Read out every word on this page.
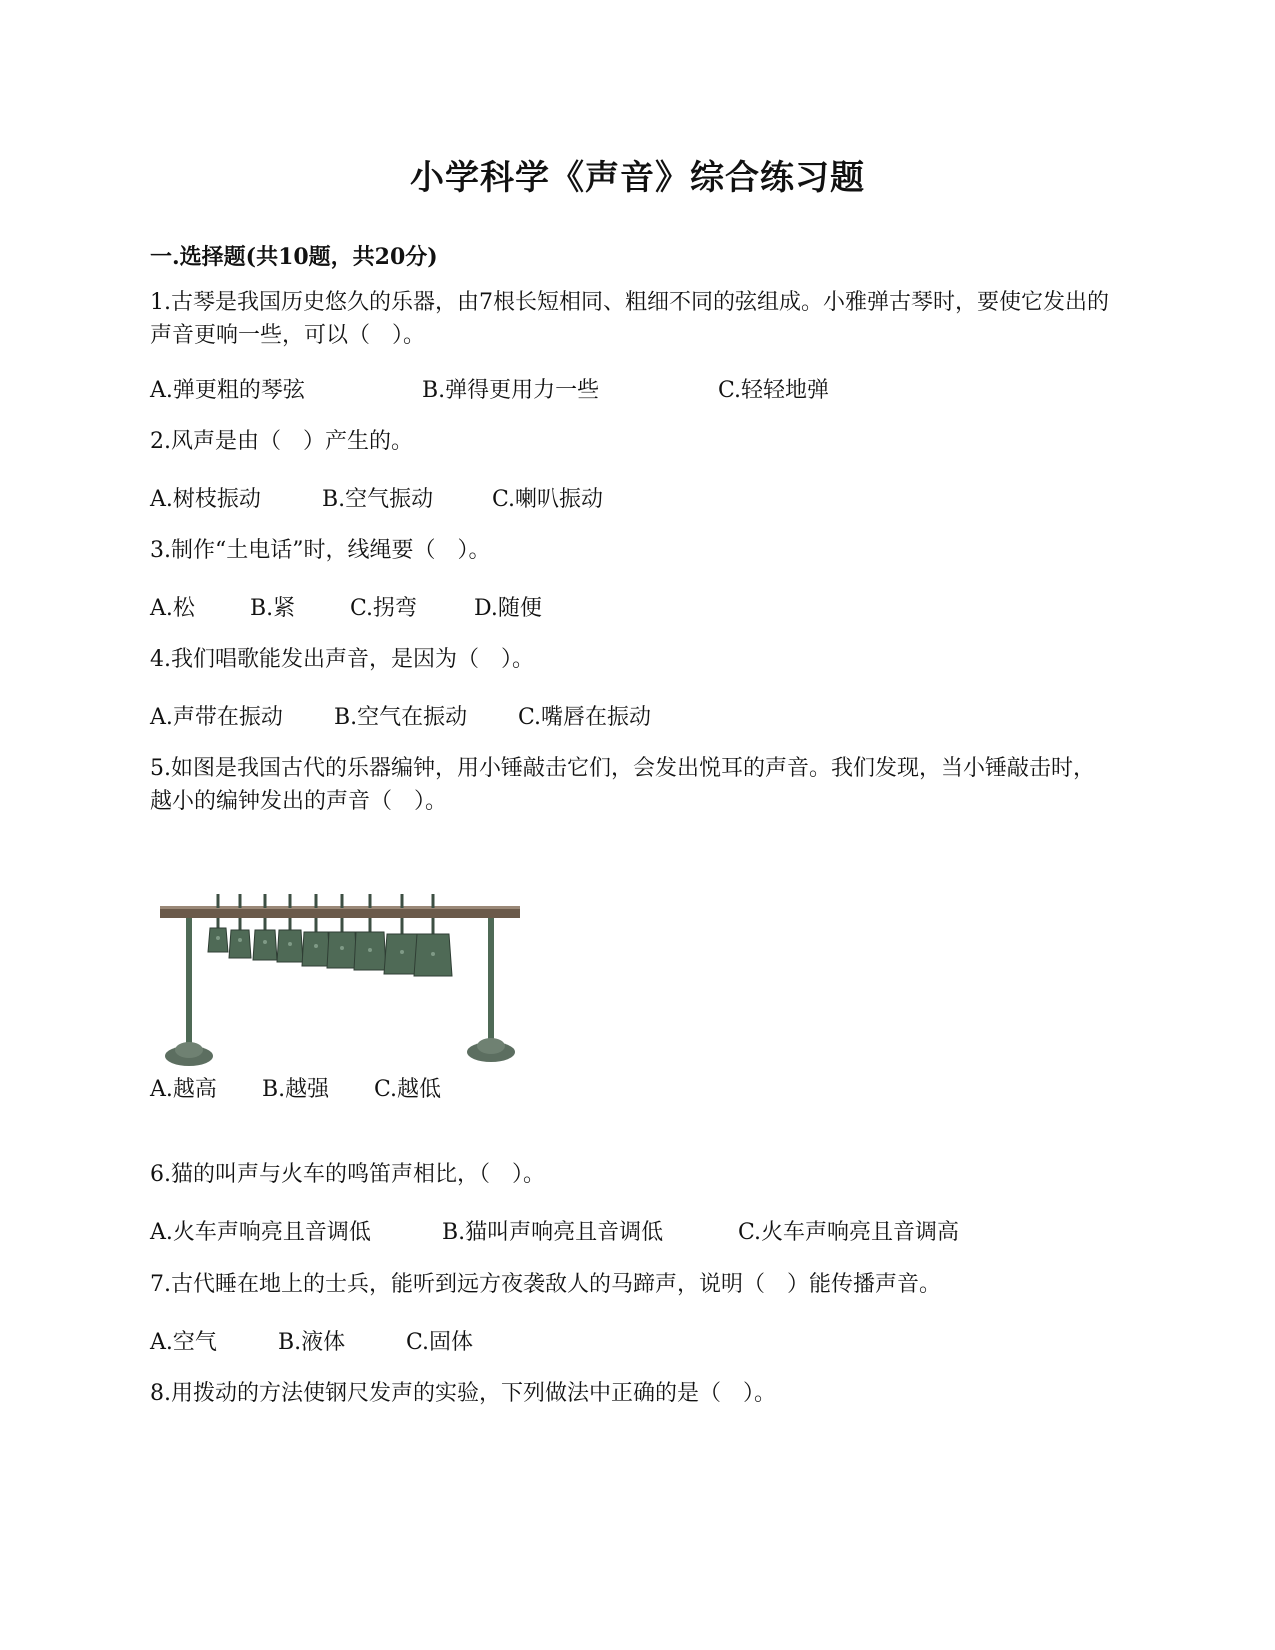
小学科学《声音》综合练习题
一.选择题(共10题，共20分)
1.古琴是我国历史悠久的乐器，由7根长短相同、粗细不同的弦组成。小雅弹古琴时，要使它发出的声音更响一些，可以（　）。
A.弹更粗的琴弦	B.弹得更用力一些	C.轻轻地弹
2.风声是由（　）产生的。
A.树枝振动	B.空气振动	C.喇叭振动
3.制作“土电话”时，线绳要（　）。
A.松	B.紧 C.拐弯	D.随便
4.我们唱歌能发出声音，是因为（　）。
A.声带在振动 B.空气在振动 C.嘴唇在振动
5.如图是我国古代的乐器编钟，用小锤敲击它们，会发出悦耳的声音。我们发现，当小锤敲击时，越小的编钟发出的声音（　）。
A.越高 B.越强 C.越低
6.猫的叫声与火车的鸣笛声相比，（　）。
A.火车声响亮且音调低	B.猫叫声响亮且音调低	C.火车声响亮且音调高
7.古代睡在地上的士兵，能听到远方夜袭敌人的马蹄声，说明（　）能传播声音。
A.空气	B.液体	C.固体
8.用拨动的方法使钢尺发声的实验，下列做法中正确的是（　）。
